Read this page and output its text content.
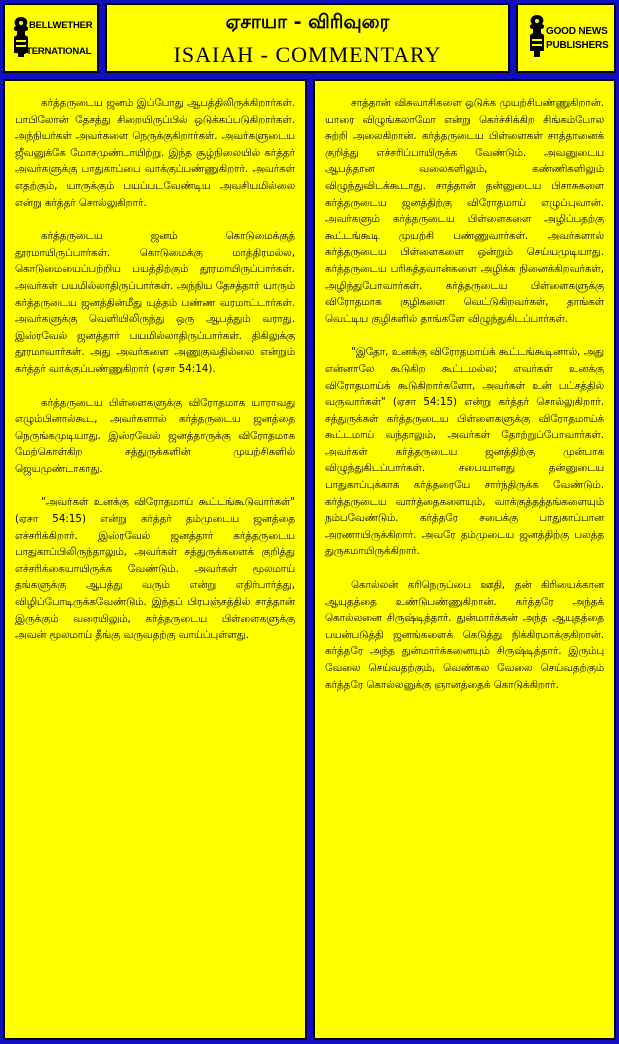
BELLWETHER
INTERNATIONAL
ஏசாயா - விரிவுரை
ISAIAH - COMMENTARY
GOOD NEWS
PUBLISHERS

கர்த்தருடைய ஜனம் இப்போது ஆபத்திலிருக்கிறார்கள். பாபிலோன் தேசத்து சிறையிருப்பில் ஒடுக்கப்படுகிறார்கள். அந்நியர்கள் அவர்களை நெருக்குகிறார்கள். அவர்களுடைய ஜீவனுக்கே மோசமுண்டாயிற்று. இந்த சூழ்நிலையில் கர்த்தர் அவர்களுக்கு பாதுகாப்பை வாக்குப்பண்ணுகிறார். அவர்கள் எதற்கும், யாருக்கும் பயப்படவேண்டிய அவசியமில்லை என்று கர்த்தர் சொல்லுகிறார்.

கர்த்தருடைய ஜனம் கொடுமைக்குத் தூரமாயிருப்பார்கள். கொடுமைக்கு மாத்திரமல்ல, கொடுமையைப்பற்றிய பயத்திற்கும் தூரமாயிருப்பார்கள். அவர்கள் பயமில்லாதிருப்பார்கள். அந்நிய தேசத்தார் யாரும் கர்த்தருடைய ஜனத்தின்மீது யுத்தம் பண்ண வரமாட்டார்கள். அவர்களுக்கு வெளியிலிருந்து ஒரு ஆபத்தும் வராது. இஸ்ரவேல் ஜனத்தார் பயமில்லாதிருப்பார்கள். திகிலுக்கு தூரமாவார்கள். அது அவர்களை அணுகுவதில்லை என்றும் கர்த்தர் வாக்குப்பண்ணுகிறார் (ஏசா 54:14).

கர்த்தருடைய பிள்ளைகளுக்கு விரோதமாக யாராவது எழும்பினால்கூட, அவர்களால் கர்த்தருடைய ஜனத்தை நெருங்கமுடியாது. இஸ்ரவேல் ஜனத்தாருக்கு விரோதமாக மேற்கொள்கிற சத்துருக்களின் முயற்சிகளில் ஜெயமுண்டாகாது.

"அவர்கள் உனக்கு விரோதமாய் கூட்டங்கூடுவார்கள்" (ஏசா 54:15) என்று கர்த்தர் தம்முடைய ஜனத்தை எச்சரிக்கிறார். இஸ்ரவேல் ஜனத்தார் கர்த்தருடைய பாதுகாப்பிலிருந்தாலும், அவர்கள் சத்துருக்களைக் குறித்து எச்சரிக்கையாயிருக்க வேண்டும். அவர்கள் மூலமாய் தங்களுக்கு ஆபத்து வரும் என்று எதிர்பார்த்து, விழிப்போடிருக்கவேண்டும். இந்தப் பிரபஞ்சத்தில் சாத்தான் இருக்கும் வரையிலும், கர்த்தருடைய பிள்ளைகளுக்கு அவன் மூலமாய் தீங்கு வருவதற்கு வாய்ப்புள்ளது.

சாத்தான் விசுவாசிகளை ஒடுக்க முயற்சிபண்ணுகிறான். யாரை விழுங்கலாமோ என்று கெர்ச்சிக்கிற சிங்கம்போல சுற்றி அலைகிறான். கர்த்தருடைய பிள்ளைகள் சாத்தானைக் குறித்து எச்சரிப்பாயிருக்க வேண்டும். அவனுடைய ஆபத்தான வலைகளிலும், கண்ணிகளிலும் விழுந்துவிடக்கூடாது. சாத்தான் தன்னுடைய பிசாசுகளை கர்த்தருடைய ஜனத்திற்கு விரோதமாய் எழுப்புவான். அவர்களும் கர்த்தருடைய பிள்ளைகளை அழிப்பதற்கு கூட்டங்கூடி முயற்சி பண்ணுவார்கள். அவர்களால் கர்த்தருடைய பிள்ளைகளை ஒன்றும் செய்யமுடியாது. கர்த்தருடைய பரிசுத்தவான்களை அழிக்க நினைக்கிறவர்கள், அழிந்துபோவார்கள். கர்த்தருடைய பிள்ளைகளுக்கு விரோதமாக குழிகளை வெட்டுகிறவர்கள், தாங்கள் வெட்டிய குழிகளில் தாங்களே விழுந்துகிடப்பார்கள்.

"இதோ, உனக்கு விரோதமாய்க் கூட்டங்கூடினால், அது என்னாலே கூடுகிற கூட்டமல்ல; எவர்கள் உனக்கு விரோதமாய்க் கூடுகிறார்களோ, அவர்கள் உன் பட்சத்தில் வருவார்கள்" (ஏசா 54:15) என்று கர்த்தர் சொல்லுகிறார். சத்துருக்கள் கர்த்தருடைய பிள்ளைகளுக்கு விரோதமாய்க் கூட்டமாய் வந்தாலும், அவர்கள் தோற்றுப்போவார்கள். அவர்கள் கர்த்தருடைய ஜனத்திற்கு முன்பாக விழுந்துகிடப்பார்கள். சபையானது தன்னுடைய பாதுகாப்புக்காக கர்த்தரையே சார்ந்திருக்க வேண்டும். கர்த்தருடைய வார்த்தைகளையும், வாக்குத்தத்தங்களையும் நம்பவேண்டும். கர்த்தரே சபைக்கு பாதுகாப்பான அரணாயிருக்கிறார். அவரே தம்முடைய ஜனத்திற்கு பலத்த துருகமாயிருக்கிறார்.

கொல்லன் கரிநெருப்பை ஊதி, தன் கிரியைக்கான ஆயுதத்தை உண்டுபண்ணுகிறான். கர்த்தரே அந்தக் கொல்லனை சிருஷ்டித்தார். துன்மார்க்கன் அந்த ஆயுதத்தை பயன்படுத்தி ஜனங்களைக் கெடுத்து நிக்கிரமாக்குகிறான். கர்த்தரே அந்த துன்மார்க்கனையும் சிருஷ்டித்தார். இரும்பு வேலை செய்வதற்கும், வெண்கல வேலை செய்வதற்கும் கர்த்தரே கொல்லனுக்கு ஞானத்தைக் கொடுக்கிறார்.
